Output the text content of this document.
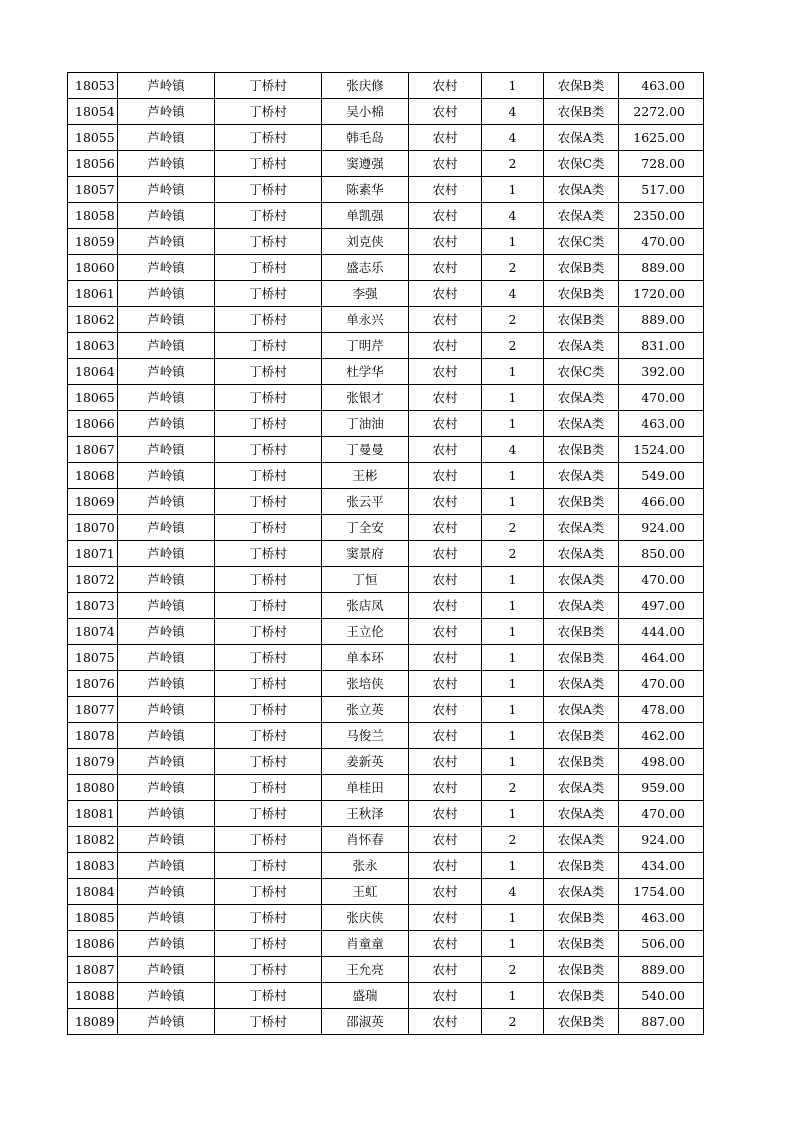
18053	芦岭镇	丁桥村	张庆修	农村	1	农保B类	463.00
18054	芦岭镇	丁桥村	吴小棉	农村	4	农保B类	2272.00
18055	芦岭镇	丁桥村	韩毛岛	农村	4	农保A类	1625.00
18056	芦岭镇	丁桥村	窦遵强	农村	2	农保C类	728.00
18057	芦岭镇	丁桥村	陈素华	农村	1	农保A类	517.00
18058	芦岭镇	丁桥村	单凯强	农村	4	农保A类	2350.00
18059	芦岭镇	丁桥村	刘克侠	农村	1	农保C类	470.00
18060	芦岭镇	丁桥村	盛志乐	农村	2	农保B类	889.00
18061	芦岭镇	丁桥村	李强	农村	4	农保B类	1720.00
18062	芦岭镇	丁桥村	单永兴	农村	2	农保B类	889.00
18063	芦岭镇	丁桥村	丁明芹	农村	2	农保A类	831.00
18064	芦岭镇	丁桥村	杜学华	农村	1	农保C类	392.00
18065	芦岭镇	丁桥村	张银才	农村	1	农保A类	470.00
18066	芦岭镇	丁桥村	丁油油	农村	1	农保A类	463.00
18067	芦岭镇	丁桥村	丁曼曼	农村	4	农保B类	1524.00
18068	芦岭镇	丁桥村	王彬	农村	1	农保A类	549.00
18069	芦岭镇	丁桥村	张云平	农村	1	农保B类	466.00
18070	芦岭镇	丁桥村	丁全安	农村	2	农保A类	924.00
18071	芦岭镇	丁桥村	窦景府	农村	2	农保A类	850.00
18072	芦岭镇	丁桥村	丁恒	农村	1	农保A类	470.00
18073	芦岭镇	丁桥村	张店凤	农村	1	农保A类	497.00
18074	芦岭镇	丁桥村	王立伦	农村	1	农保B类	444.00
18075	芦岭镇	丁桥村	单本环	农村	1	农保B类	464.00
18076	芦岭镇	丁桥村	张培侠	农村	1	农保A类	470.00
18077	芦岭镇	丁桥村	张立英	农村	1	农保A类	478.00
18078	芦岭镇	丁桥村	马俊兰	农村	1	农保B类	462.00
18079	芦岭镇	丁桥村	姜新英	农村	1	农保B类	498.00
18080	芦岭镇	丁桥村	单桂田	农村	2	农保A类	959.00
18081	芦岭镇	丁桥村	王秋泽	农村	1	农保A类	470.00
18082	芦岭镇	丁桥村	肖怀春	农村	2	农保A类	924.00
18083	芦岭镇	丁桥村	张永	农村	1	农保B类	434.00
18084	芦岭镇	丁桥村	王虹	农村	4	农保A类	1754.00
18085	芦岭镇	丁桥村	张庆侠	农村	1	农保B类	463.00
18086	芦岭镇	丁桥村	肖童童	农村	1	农保B类	506.00
18087	芦岭镇	丁桥村	王允亮	农村	2	农保B类	889.00
18088	芦岭镇	丁桥村	盛瑞	农村	1	农保B类	540.00
18089	芦岭镇	丁桥村	邵淑英	农村	2	农保B类	887.00
